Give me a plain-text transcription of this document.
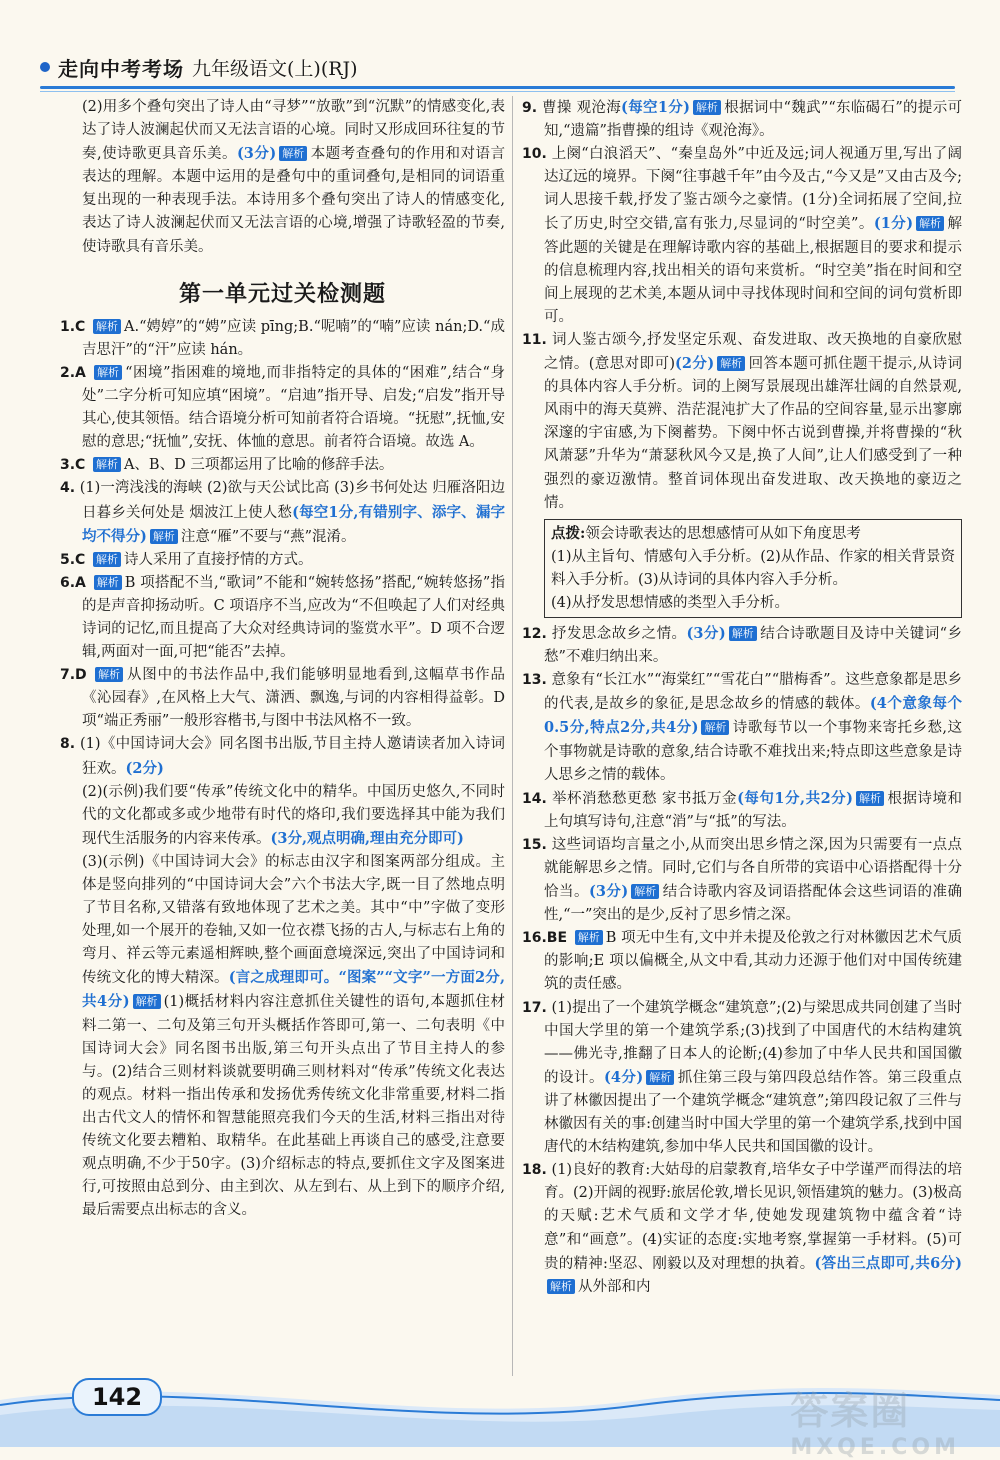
走向中考考场 九年级语文(上)(RJ)

(2)用多个叠句突出了诗人由“寻梦”“放歌”到“沉默”的情感变化,表达了诗人波澜起伏而又无法言语的心境。同时又形成回环往复的节奏,使诗歌更具音乐美。(3分) 解析 本题考查叠句的作用和对语言表达的理解。本题中运用的是叠句中的重词叠句,是相同的词语重复出现的一种表现手法。本诗用多个叠句突出了诗人的情感变化,表达了诗人波澜起伏而又无法言语的心境,增强了诗歌轻盈的节奏,使诗歌具有音乐美。

第一单元过关检测题

1.C 解析 A.“娉婷”的“娉”应读 pīng;B.“呢喃”的“喃”应读 nán;D.“成吉思汗”的“汗”应读 hán。

2.A 解析 “困境”指困难的境地,而非指特定的具体的“困难”,结合“身处”二字分析可知应填“困境”。“启迪”指开导、启发;“启发”指开导其心,使其领悟。结合语境分析可知前者符合语境。“抚慰”,抚恤,安慰的意思;“抚恤”,安抚、体恤的意思。前者符合语境。故选 A。

3.C 解析 A、B、D 三项都运用了比喻的修辞手法。

4. (1)一湾浅浅的海峡 (2)欲与天公试比高 (3)乡书何处达 归雁洛阳边 日暮乡关何处是 烟波江上使人愁(每空1分,有错别字、添字、漏字均不得分) 解析 注意“雁”不要与“燕”混淆。

5.C 解析 诗人采用了直接抒情的方式。

6.A 解析 B 项搭配不当,“歌词”不能和“婉转悠扬”搭配,“婉转悠扬”指的是声音抑扬动听。C 项语序不当,应改为“不但唤起了人们对经典诗词的记忆,而且提高了大众对经典诗词的鉴赏水平”。D 项不合逻辑,两面对一面,可把“能否”去掉。

7.D 解析 从图中的书法作品中,我们能够明显地看到,这幅草书作品《沁园春》,在风格上大气、潇洒、飘逸,与词的内容相得益彰。D 项“端正秀丽”一般形容楷书,与图中书法风格不一致。

8. (1)《中国诗词大会》同名图书出版,节目主持人邀请读者加入诗词狂欢。(2分)

(2)(示例)我们要“传承”传统文化中的精华。中国历史悠久,不同时代的文化都或多或少地带有时代的烙印,我们要选择其中能为我们现代生活服务的内容来传承。(3分,观点明确,理由充分即可)

(3)(示例)《中国诗词大会》的标志由汉字和图案两部分组成。主体是竖向排列的“中国诗词大会”六个书法大字,既一目了然地点明了节目名称,又错落有致地体现了艺术之美。其中“中”字做了变形处理,如一个展开的卷轴,又如一位衣襟飞扬的古人,与标志右上角的弯月、祥云等元素遥相辉映,整个画面意境深远,突出了中国诗词和传统文化的博大精深。(言之成理即可。“图案”“文字”一方面2分,共4分) 解析 (1)概括材料内容注意抓住关键性的语句,本题抓住材料二第一、二句及第三句开头概括作答即可,第一、二句表明《中国诗词大会》同名图书出版,第三句开头点出了节目主持人的参与。(2)结合三则材料谈就要明确三则材料对“传承”传统文化表达的观点。材料一指出传承和发扬优秀传统文化非常重要,材料二指出古代文人的情怀和智慧能照亮我们今天的生活,材料三指出对待传统文化要去糟粕、取精华。在此基础上再谈自己的感受,注意要观点明确,不少于50字。(3)介绍标志的特点,要抓住文字及图案进行,可按照由总到分、由主到次、从左到右、从上到下的顺序介绍,最后需要点出标志的含义。

9. 曹操 观沧海(每空1分) 解析 根据词中“魏武”“东临碣石”的提示可知,“遗篇”指曹操的组诗《观沧海》。

10. 上阕“白浪滔天”、“秦皇岛外”中近及远;词人视通万里,写出了阔达辽远的境界。下阕“往事越千年”由今及古,“今又是”又由古及今;词人思接千载,抒发了鉴古颂今之豪情。(1分)全词拓展了空间,拉长了历史,时空交错,富有张力,尽显词的“时空美”。(1分) 解析 解答此题的关键是在理解诗歌内容的基础上,根据题目的要求和提示的信息梳理内容,找出相关的语句来赏析。“时空美”指在时间和空间上展现的艺术美,本题从词中寻找体现时间和空间的词句赏析即可。

11. 词人鉴古颂今,抒发坚定乐观、奋发进取、改天换地的自豪欣慰之情。(意思对即可)(2分) 解析 回答本题可抓住题干提示,从诗词的具体内容人手分析。词的上阕写景展现出雄浑壮阔的自然景观,风雨中的海天莫辨、浩茫混沌扩大了作品的空间容量,显示出寥廓深邃的宇宙感,为下阕蓄势。下阕中怀古说到曹操,并将曹操的“秋风萧瑟”升华为“萧瑟秋风今又是,换了人间”,让人们感受到了一种强烈的豪迈激情。整首词体现出奋发进取、改天换地的豪迈之情。

点拨:领会诗歌表达的思想感情可从如下角度思考
(1)从主旨句、情感句入手分析。(2)从作品、作家的相关背景资料入手分析。(3)从诗词的具体内容入手分析。
(4)从抒发思想情感的类型入手分析。

12. 抒发思念故乡之情。(3分) 解析 结合诗歌题目及诗中关键词“乡愁”不难归纳出来。

13. 意象有“长江水”“海棠红”“雪花白”“腊梅香”。这些意象都是思乡的代表,是故乡的象征,是思念故乡的情感的载体。(4个意象每个0.5分,特点2分,共4分) 解析 诗歌每节以一个事物来寄托乡愁,这个事物就是诗歌的意象,结合诗歌不难找出来;特点即这些意象是诗人思乡之情的载体。

14. 举杯消愁愁更愁 家书抵万金(每句1分,共2分) 解析 根据诗境和上句填写诗句,注意“消”与“抵”的写法。

15. 这些词语均言量之小,从而突出思乡情之深,因为只需要有一点点就能解思乡之情。同时,它们与各自所带的宾语中心语搭配得十分恰当。(3分) 解析 结合诗歌内容及词语搭配体会这些词语的准确性,“一”突出的是少,反衬了思乡情之深。

16.BE 解析 B 项无中生有,文中并未提及伦敦之行对林徽因艺术气质的影响;E 项以偏概全,从文中看,其动力还源于他们对中国传统建筑的责任感。

17. (1)提出了一个建筑学概念“建筑意”;(2)与梁思成共同创建了当时中国大学里的第一个建筑学系;(3)找到了中国唐代的木结构建筑——佛光寺,推翻了日本人的论断;(4)参加了中华人民共和国国徽的设计。(4分) 解析 抓住第三段与第四段总结作答。第三段重点讲了林徽因提出了一个建筑学概念“建筑意”;第四段记叙了三件与林徽因有关的事:创建当时中国大学里的第一个建筑学系,找到中国唐代的木结构建筑,参加中华人民共和国国徽的设计。

18. (1)良好的教育:大姑母的启蒙教育,培华女子中学谨严而得法的培育。(2)开阔的视野:旅居伦敦,增长见识,领悟建筑的魅力。(3)极高的天赋:艺术气质和文学才华,使她发现建筑物中蕴含着“诗意”和“画意”。(4)实证的态度:实地考察,掌握第一手材料。(5)可贵的精神:坚忍、刚毅以及对理想的执着。(答出三点即可,共6分)解析 从外部和内

142	答案圈
MXQE.COM
